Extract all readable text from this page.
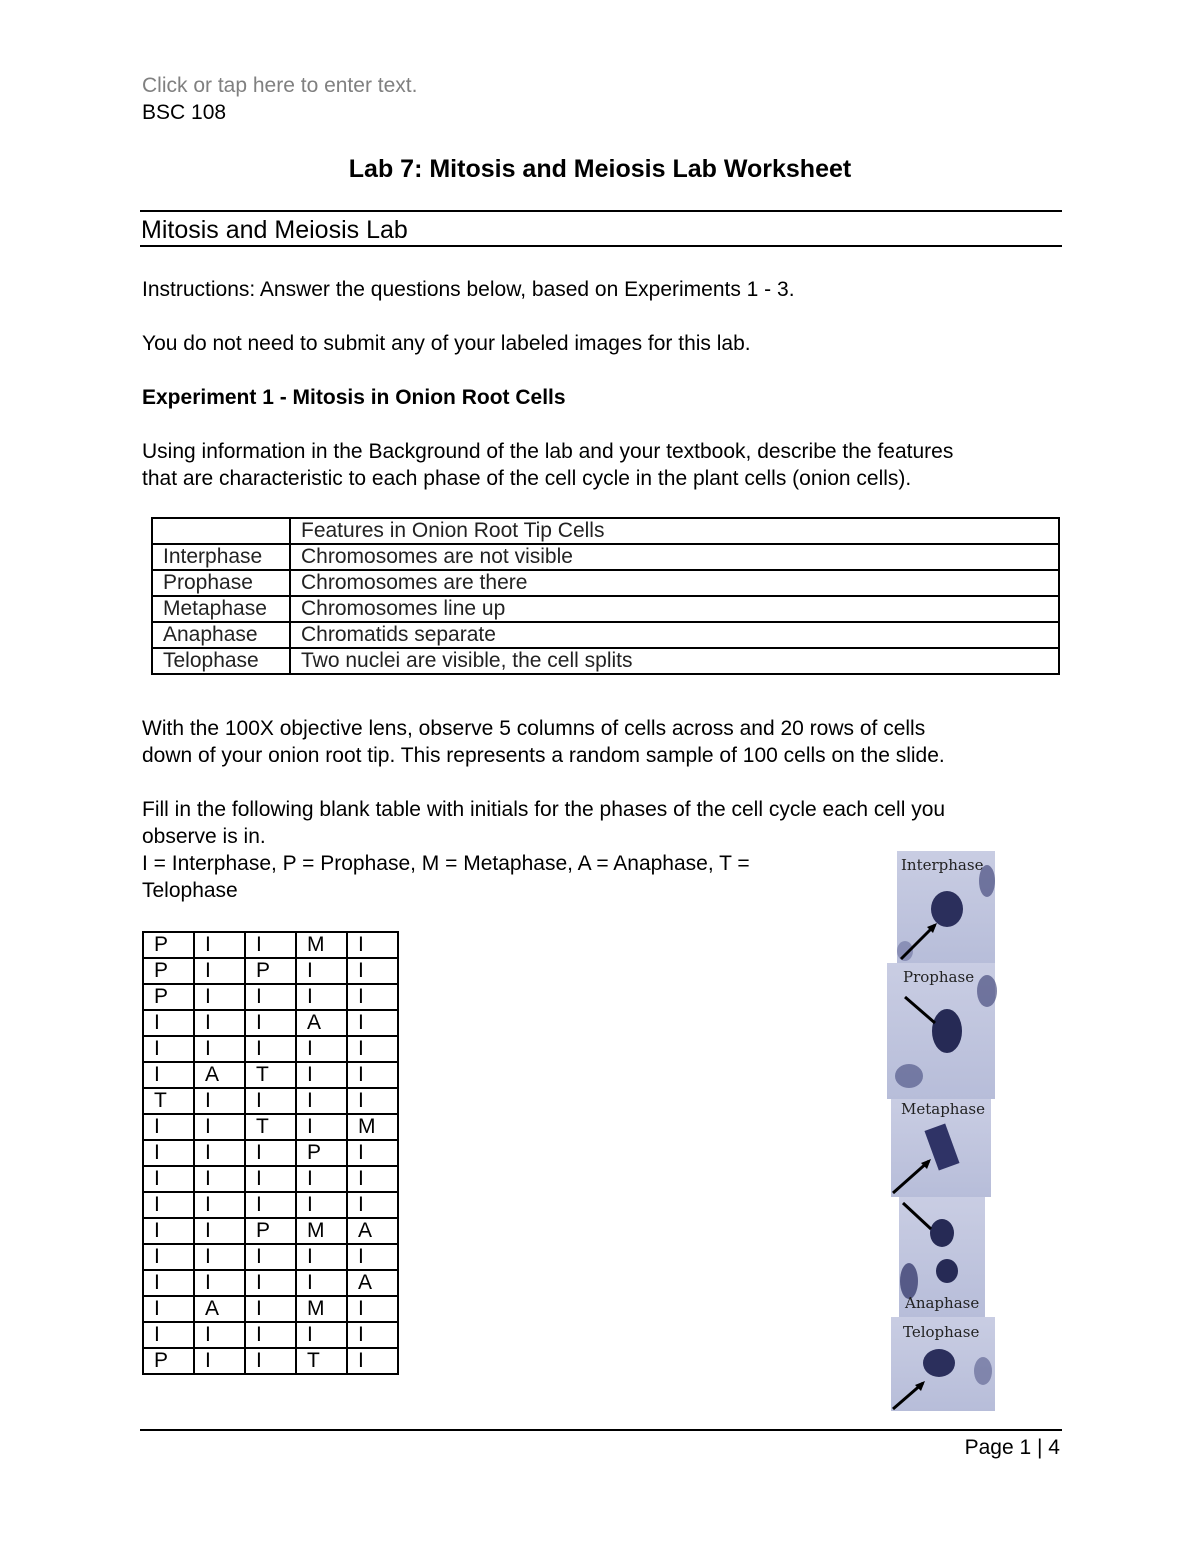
Click or tap here to enter text.
BSC 108
Lab 7: Mitosis and Meiosis Lab Worksheet
Mitosis and Meiosis Lab
Instructions: Answer the questions below, based on Experiments 1 - 3.
You do not need to submit any of your labeled images for this lab.
Experiment 1 - Mitosis in Onion Root Cells
Using information in the Background of the lab and your textbook, describe the features
that are characteristic to each phase of the cell cycle in the plant cells (onion cells).
	Features in Onion Root Tip Cells
Interphase	Chromosomes are not visible
Prophase	Chromosomes are there
Metaphase	Chromosomes line up
Anaphase	Chromatids separate
Telophase	Two nuclei are visible, the cell splits
With the 100X objective lens, observe 5 columns of cells across and 20 rows of cells
down of your onion root tip. This represents a random sample of 100 cells on the slide.
Fill in the following blank table with initials for the phases of the cell cycle each cell you
observe is in.
I = Interphase, P = Prophase, M = Metaphase, A = Anaphase, T =
Telophase
P	I	I	M	I
P	I	P	I	I
P	I	I	I	I
I	I	I	A	I
I	I	I	I	I
I	A	T	I	I
T	I	I	I	I
I	I	T	I	M
I	I	I	P	I
I	I	I	I	I
I	I	I	I	I
I	I	P	M	A
I	I	I	I	I
I	I	I	I	A
I	A	I	M	I
I	I	I	I	I
P	I	I	T	I
Interphase
Prophase
Metaphase
Anaphase
Telophase
Page 1 | 4
